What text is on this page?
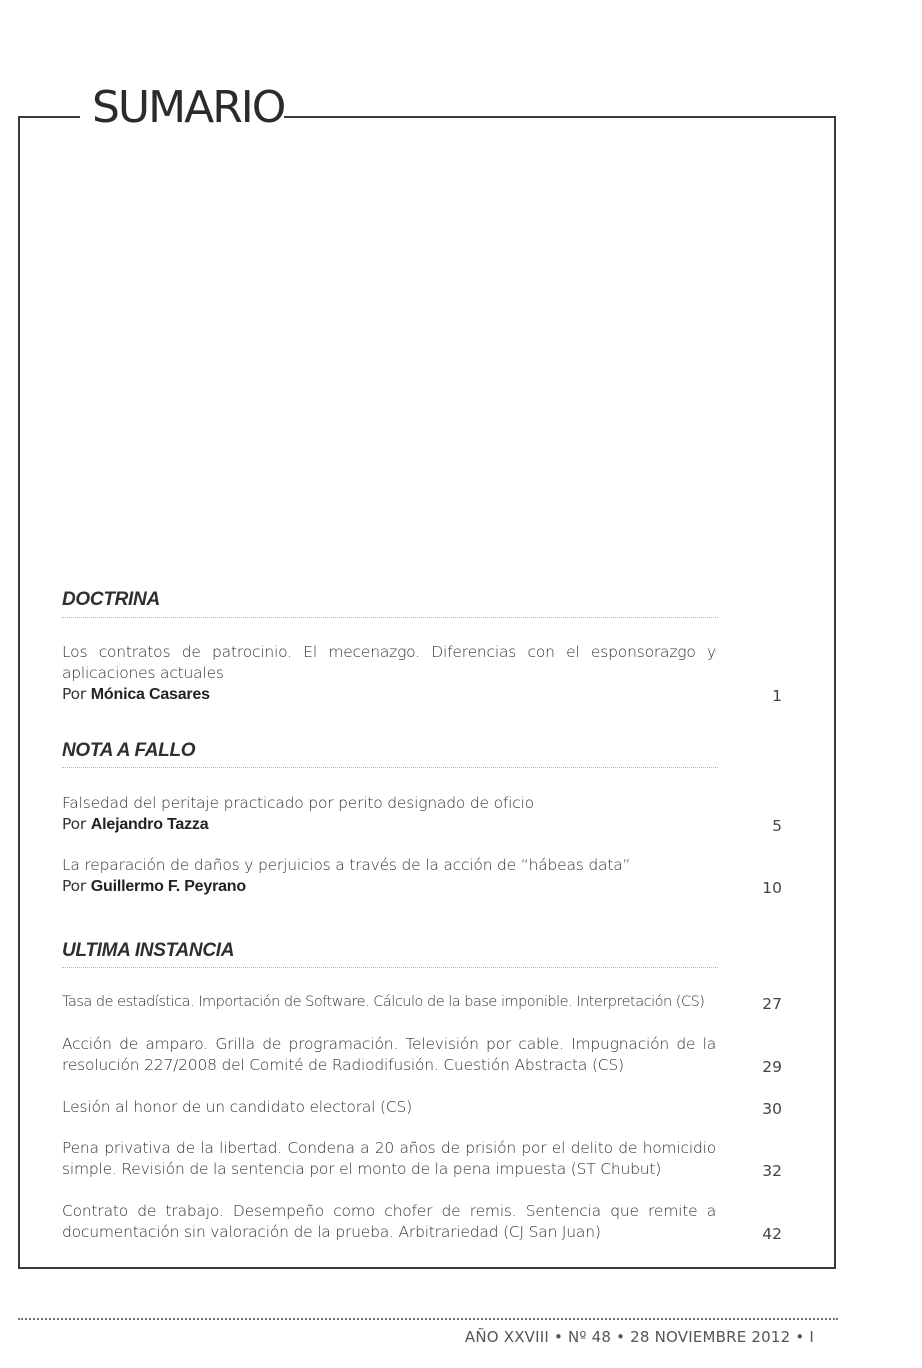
SUMARIO
DOCTRINA
Los contratos de patrocinio. El mecenazgo. Diferencias con el esponsorazgo y aplicaciones actuales
Por Mónica Casares	1
NOTA A FALLO
Falsedad del peritaje practicado por perito designado de oficio
Por Alejandro Tazza	5
La reparación de daños y perjuicios a través de la acción de “hábeas data”
Por Guillermo F. Peyrano	10
ULTIMA INSTANCIA
Tasa de estadística. Importación de Software. Cálculo de la base imponible. Interpretación (CS)	27
Acción de amparo. Grilla de programación. Televisión por cable. Impugnación de la resolución 227/2008 del Comité de Radiodifusión. Cuestión Abstracta (CS)	29
Lesión al honor de un candidato electoral (CS)	30
Pena privativa de la libertad. Condena a 20 años de prisión por el delito de homicidio simple. Revisión de la sentencia por el monto de la pena impuesta (ST Chubut)	32
Contrato de trabajo. Desempeño como chofer de remis. Sentencia que remite a documentación sin valoración de la prueba. Arbitrariedad (CJ San Juan)	42
AÑO XXVIII • Nº 48 • 28 NOVIEMBRE 2012 • I
